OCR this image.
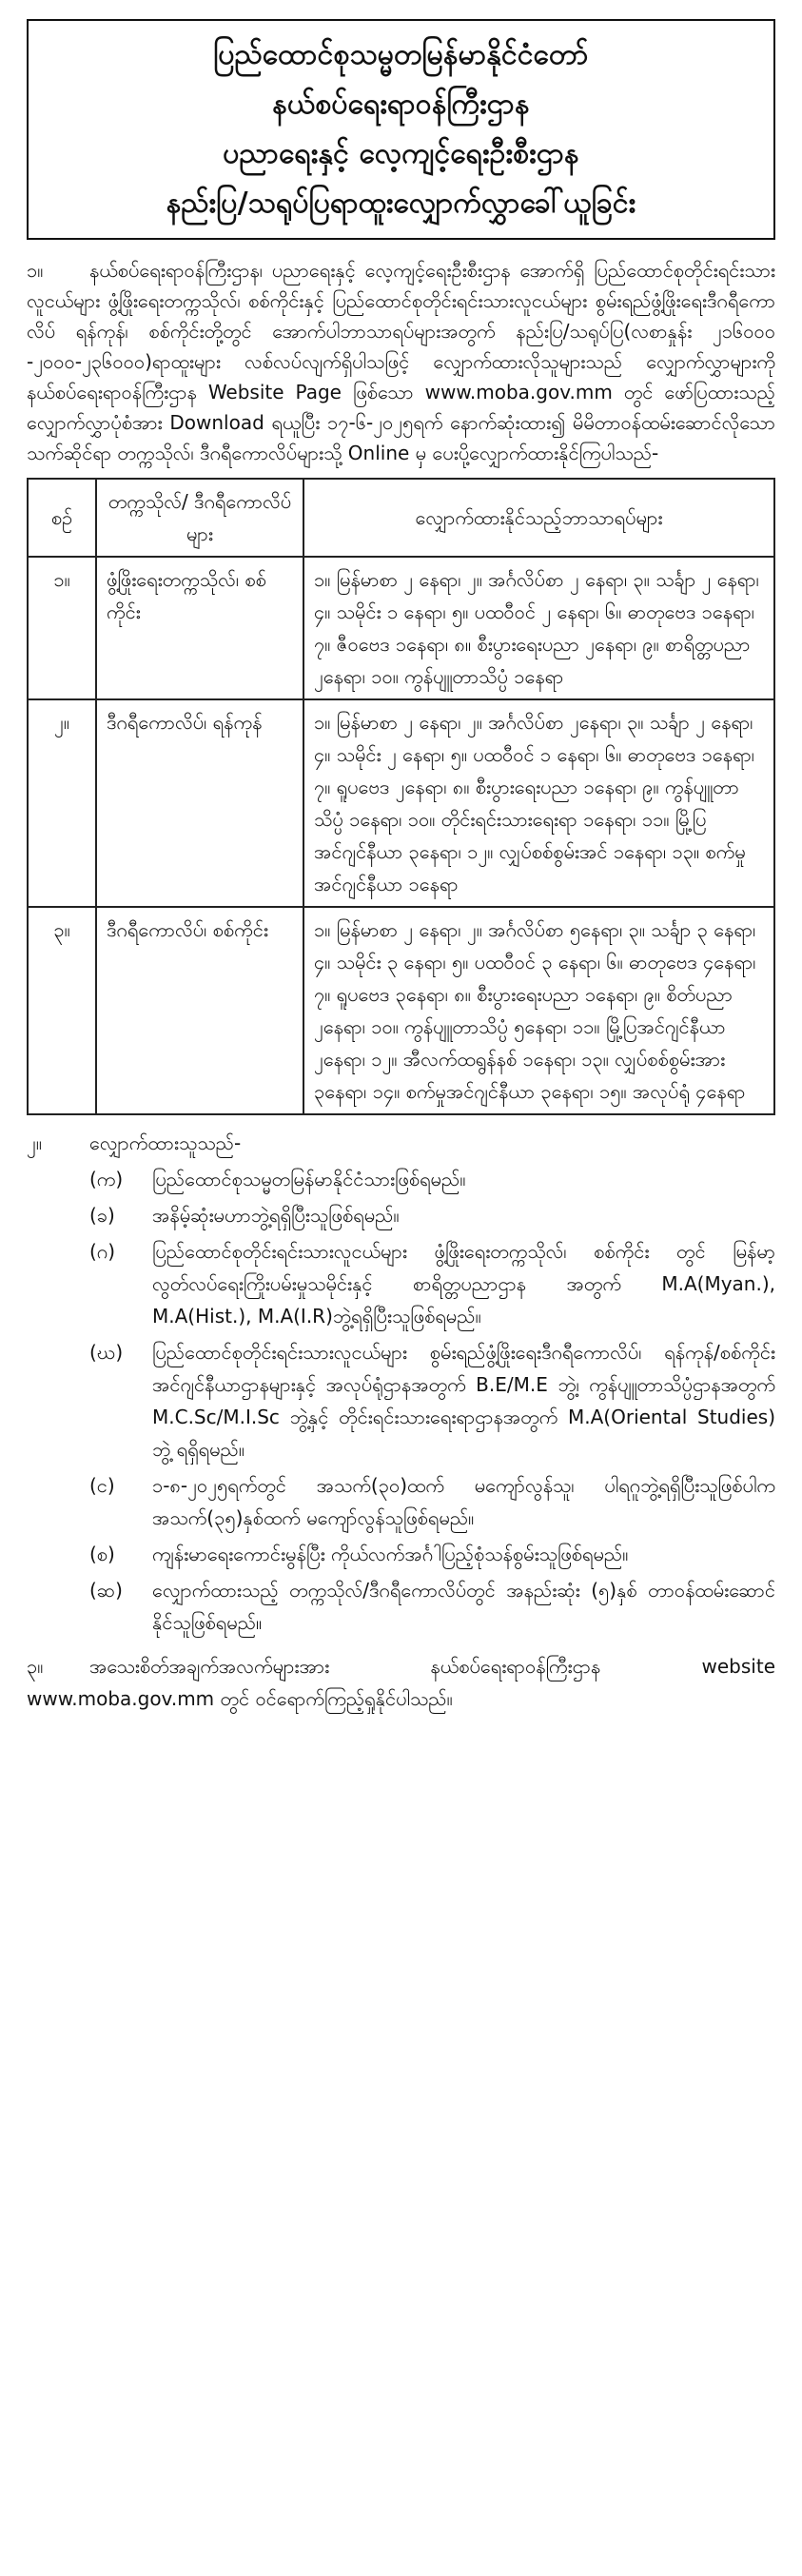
ပြည်ထောင်စုသမ္မတမြန်မာနိုင်ငံတော်
နယ်စပ်ရေးရာဝန်ကြီးဌာန
ပညာရေးနှင့် လေ့ကျင့်ရေးဦးစီးဌာန
နည်းပြ/သရုပ်ပြရာထူးလျှောက်လွှာခေါ်ယူခြင်း
၁။ နယ်စပ်ရေးရာဝန်ကြီးဌာန၊ ပညာရေးနှင့် လေ့ကျင့်ရေးဦးစီးဌာန အောက်ရှိ ပြည်ထောင်စုတိုင်းရင်းသားလူငယ်များ ဖွံ့ဖြိုးရေးတက္ကသိုလ်၊ စစ်ကိုင်းနှင့် ပြည်ထောင်စုတိုင်းရင်းသားလူငယ်များ စွမ်းရည်ဖွံ့ဖြိုးရေးဒီဂရီကောလိပ် ရန်ကုန်၊ စစ်ကိုင်းတို့တွင် အောက်ပါဘာသာရပ်များအတွက် နည်းပြ/သရုပ်ပြ(လစာနှုန်း ၂၁၆၀၀၀ -၂၀၀၀-၂၃၆၀၀၀)ရာထူးများ လစ်လပ်လျက်ရှိပါသဖြင့် လျှောက်ထားလိုသူများသည် လျှောက်လွှာများကို နယ်စပ်ရေးရာဝန်ကြီးဌာန Website Page ဖြစ်သော www.moba.gov.mm တွင် ဖော်ပြထားသည့် လျှောက်လွှာပုံစံအား Download ရယူပြီး ၁၇-၆-၂၀၂၅ရက် နောက်ဆုံးထား၍ မိမိတာဝန်ထမ်းဆောင်လိုသော သက်ဆိုင်ရာ တက္ကသိုလ်၊ ဒီဂရီကောလိပ်များသို့ Online မှ ပေးပို့လျှောက်ထားနိုင်ကြပါသည်-
စဉ်	တက္ကသိုလ်/ ဒီဂရီကောလိပ်များ	လျှောက်ထားနိုင်သည့်ဘာသာရပ်များ
၁။	ဖွံ့ဖြိုးရေးတက္ကသိုလ်၊ စစ်ကိုင်း	၁။ မြန်မာစာ ၂ နေရာ၊ ၂။ အင်္ဂလိပ်စာ ၂ နေရာ၊ ၃။ သင်္ချာ ၂ နေရာ၊ ၄။ သမိုင်း ၁ နေရာ၊ ၅။ ပထဝီဝင် ၂ နေရာ၊ ၆။ ဓာတုဗေဒ ၁နေရာ၊ ၇။ ဇီဝဗေဒ ၁နေရာ၊ ၈။ စီးပွားရေးပညာ ၂နေရာ၊ ၉။ စာရိတ္တပညာ ၂နေရာ၊ ၁၀။ ကွန်ပျူတာသိပ္ပံ ၁နေရာ
၂။	ဒီဂရီကောလိပ်၊ ရန်ကုန်	၁။ မြန်မာစာ ၂ နေရာ၊ ၂။ အင်္ဂလိပ်စာ ၂နေရာ၊ ၃။ သင်္ချာ ၂ နေရာ၊ ၄။ သမိုင်း ၂ နေရာ၊ ၅။ ပထဝီဝင် ၁ နေရာ၊ ၆။ ဓာတုဗေဒ ၁နေရာ၊ ၇။ ရူပဗေဒ ၂နေရာ၊ ၈။ စီးပွားရေးပညာ ၁နေရာ၊ ၉။ ကွန်ပျူတာသိပ္ပံ ၁နေရာ၊ ၁၀။ တိုင်းရင်းသားရေးရာ ၁နေရာ၊ ၁၁။ မြို့ပြအင်ဂျင်နီယာ ၃နေရာ၊ ၁၂။ လျှပ်စစ်စွမ်းအင် ၁နေရာ၊ ၁၃။ စက်မှုအင်ဂျင်နီယာ ၁နေရာ
၃။	ဒီဂရီကောလိပ်၊ စစ်ကိုင်း	၁။ မြန်မာစာ ၂ နေရာ၊ ၂။ အင်္ဂလိပ်စာ ၅နေရာ၊ ၃။ သင်္ချာ ၃ နေရာ၊ ၄။ သမိုင်း ၃ နေရာ၊ ၅။ ပထဝီဝင် ၃ နေရာ၊ ၆။ ဓာတုဗေဒ ၄နေရာ၊ ၇။ ရူပဗေဒ ၃နေရာ၊ ၈။ စီးပွားရေးပညာ ၁နေရာ၊ ၉။ စိတ်ပညာ ၂နေရာ၊ ၁၀။ ကွန်ပျူတာသိပ္ပံ ၅နေရာ၊ ၁၁။ မြို့ပြအင်ဂျင်နီယာ ၂နေရာ၊ ၁၂။ အီလက်ထရွန်နစ် ၁နေရာ၊ ၁၃။ လျှပ်စစ်စွမ်းအား ၃နေရာ၊ ၁၄။ စက်မှုအင်ဂျင်နီယာ ၃နေရာ၊ ၁၅။ အလုပ်ရုံ ၄နေရာ
၂။	လျှောက်ထားသူသည်-
(က)	ပြည်ထောင်စုသမ္မတမြန်မာနိုင်ငံသားဖြစ်ရမည်။
(ခ)	အနိမ့်ဆုံးမဟာဘွဲ့ရရှိပြီးသူဖြစ်ရမည်။
(ဂ)	ပြည်ထောင်စုတိုင်းရင်းသားလူငယ်များ ဖွံ့ဖြိုးရေးတက္ကသိုလ်၊ စစ်ကိုင်း တွင် မြန်မာ့လွတ်လပ်ရေးကြိုးပမ်းမှုသမိုင်းနှင့် စာရိတ္တပညာဌာန အတွက် M.A(Myan.), M.A(Hist.), M.A(I.R)ဘွဲ့ရရှိပြီးသူဖြစ်ရမည်။
(ဃ)	ပြည်ထောင်စုတိုင်းရင်းသားလူငယ်များ စွမ်းရည်ဖွံ့ဖြိုးရေးဒီဂရီကောလိပ်၊ ရန်ကုန်/စစ်ကိုင်း အင်ဂျင်နီယာဌာနများနှင့် အလုပ်ရုံဌာနအတွက် B.E/M.E ဘွဲ့၊ ကွန်ပျူတာသိပ္ပံဌာနအတွက် M.C.Sc/M.I.Sc ဘွဲ့နှင့် တိုင်းရင်းသားရေးရာဌာနအတွက် M.A(Oriental Studies) ဘွဲ့ ရရှိရမည်။
(င)	၁-၈-၂၀၂၅ရက်တွင် အသက်(၃၀)ထက် မကျော်လွန်သူ၊ ပါရဂူဘွဲ့ရရှိပြီးသူဖြစ်ပါက အသက်(၃၅)နှစ်ထက် မကျော်လွန်သူဖြစ်ရမည်။
(စ)	ကျန်းမာရေးကောင်းမွန်ပြီး ကိုယ်လက်အင်္ဂါပြည့်စုံသန်စွမ်းသူဖြစ်ရမည်။
(ဆ)	လျှောက်ထားသည့် တက္ကသိုလ်/ဒီဂရီကောလိပ်တွင် အနည်းဆုံး (၅)နှစ် တာဝန်ထမ်းဆောင်နိုင်သူဖြစ်ရမည်။
၃။ အသေးစိတ်အချက်အလက်များအား နယ်စပ်ရေးရာဝန်ကြီးဌာန website www.moba.gov.mm တွင် ဝင်ရောက်ကြည့်ရှုနိုင်ပါသည်။
